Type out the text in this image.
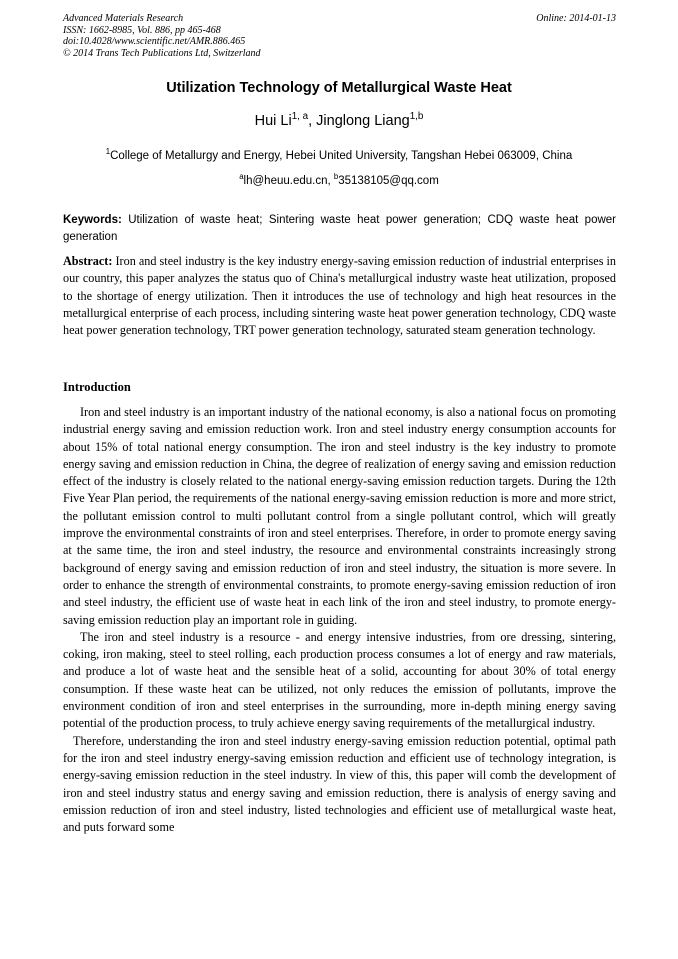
Advanced Materials Research
ISSN: 1662-8985, Vol. 886, pp 465-468
doi:10.4028/www.scientific.net/AMR.886.465
© 2014 Trans Tech Publications Ltd, Switzerland
Online: 2014-01-13
Utilization Technology of Metallurgical Waste Heat
Hui Li$^{1, a}$, Jinglong Liang$^{1,b}$
$^1$College of Metallurgy and Energy, Hebei United University, Tangshan Hebei 063009, China
$^a$lh@heuu.edu.cn, $^b$35138105@qq.com
Keywords: Utilization of waste heat; Sintering waste heat power generation; CDQ waste heat power generation
Abstract: Iron and steel industry is the key industry energy-saving emission reduction of industrial enterprises in our country, this paper analyzes the status quo of China's metallurgical industry waste heat utilization, proposed to the shortage of energy utilization. Then it introduces the use of technology and high heat resources in the metallurgical enterprise of each process, including sintering waste heat power generation technology, CDQ waste heat power generation technology, TRT power generation technology, saturated steam generation technology.
Introduction

Iron and steel industry is an important industry of the national economy, is also a national focus on promoting industrial energy saving and emission reduction work. Iron and steel industry energy consumption accounts for about 15% of total national energy consumption. The iron and steel industry is the key industry to promote energy saving and emission reduction in China, the degree of realization of energy saving and emission reduction effect of the industry is closely related to the national energy-saving emission reduction targets. During the 12th Five Year Plan period, the requirements of the national energy-saving emission reduction is more and more strict, the pollutant emission control to multi pollutant control from a single pollutant control, which will greatly improve the environmental constraints of iron and steel enterprises. Therefore, in order to promote energy saving at the same time, the iron and steel industry, the resource and environmental constraints increasingly strong background of energy saving and emission reduction of iron and steel industry, the situation is more severe. In order to enhance the strength of environmental constraints, to promote energy-saving emission reduction of iron and steel industry, the efficient use of waste heat in each link of the iron and steel industry, to promote energy-saving emission reduction play an important role in guiding.

The iron and steel industry is a resource - and energy intensive industries, from ore dressing, sintering, coking, iron making, steel to steel rolling, each production process consumes a lot of energy and raw materials, and produce a lot of waste heat and the sensible heat of a solid, accounting for about 30% of total energy consumption. If these waste heat can be utilized, not only reduces the emission of pollutants, improve the environment condition of iron and steel enterprises in the surrounding, more in-depth mining energy saving potential of the production process, to truly achieve energy saving requirements of the metallurgical industry.

Therefore, understanding the iron and steel industry energy-saving emission reduction potential, optimal path for the iron and steel industry energy-saving emission reduction and efficient use of technology integration, is energy-saving emission reduction in the steel industry. In view of this, this paper will comb the development of iron and steel industry status and energy saving and emission reduction, there is analysis of energy saving and emission reduction of iron and steel industry, listed technologies and efficient use of metallurgical waste heat, and puts forward some
